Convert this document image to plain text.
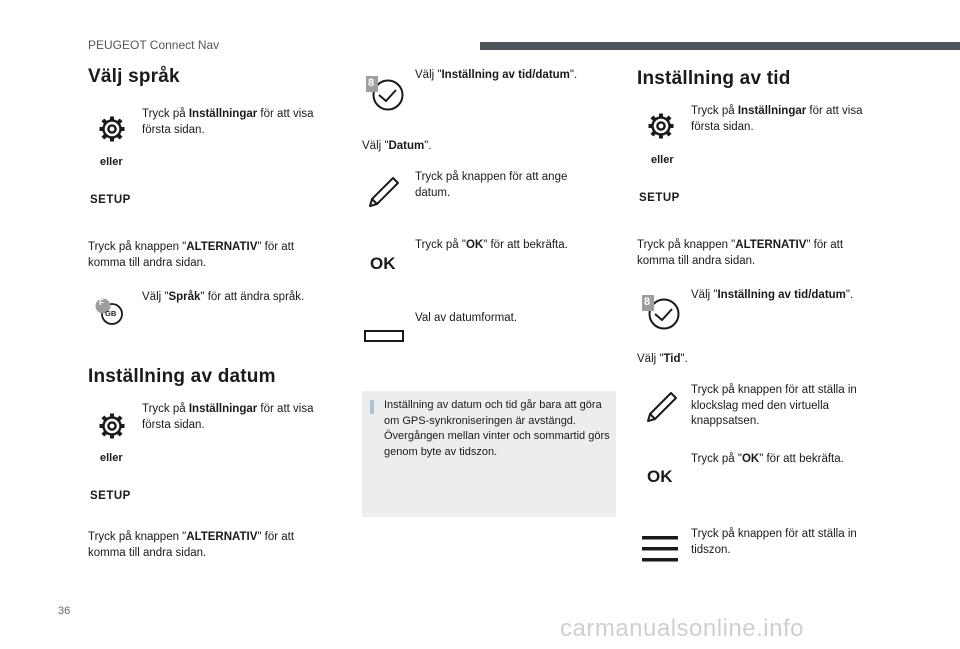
PEUGEOT Connect Nav
Välj språk
Tryck på Inställningar för att visa första sidan.
eller
SETUP
Tryck på knappen "ALTERNATIV" för att komma till andra sidan.
F
GB
Välj "Språk" för att ändra språk.
Inställning av datum
Tryck på Inställningar för att visa första sidan.
eller
SETUP
Tryck på knappen "ALTERNATIV" för att komma till andra sidan.
8
Välj "Inställning av tid/datum".
Välj "Datum".
Tryck på knappen för att ange datum.
OK
Tryck på "OK" för att bekräfta.
Val av datumformat.
Inställning av datum och tid går bara att göra om GPS-synkroniseringen är avstängd. Övergången mellan vinter och sommartid görs genom byte av tidszon.
Inställning av tid
Tryck på Inställningar för att visa första sidan.
eller
SETUP
Tryck på knappen "ALTERNATIV" för att komma till andra sidan.
8
Välj "Inställning av tid/datum".
Välj "Tid".
Tryck på knappen för att ställa in klockslag med den virtuella knappsatsen.
OK
Tryck på "OK" för att bekräfta.
Tryck på knappen för att ställa in tidszon.
36
carmanualsonline.info
